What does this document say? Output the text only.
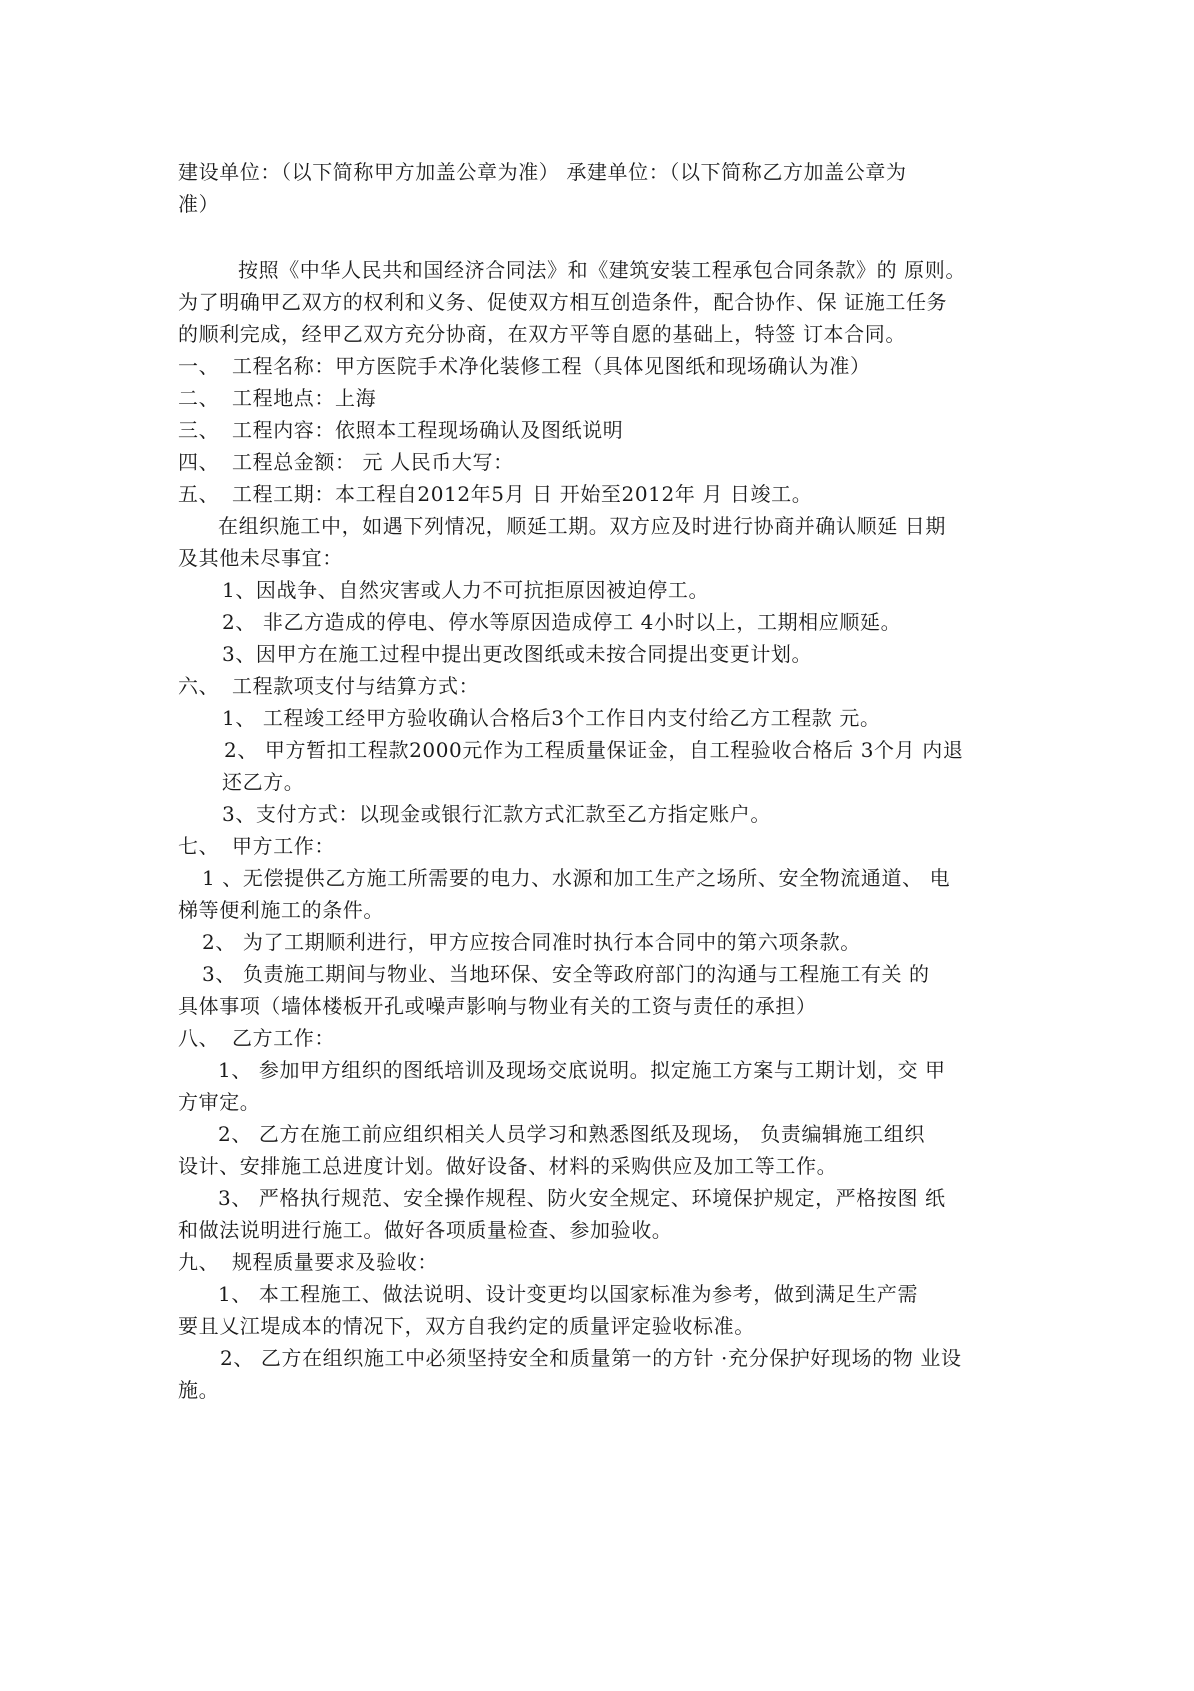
建设单位：（以下简称甲方加盖公章为准） 承建单位：（以下简称乙方加盖公章为
准）
按照《中华人民共和国经济合同法》和《建筑安装工程承包合同条款》的 原则。
为了明确甲乙双方的权利和义务、促使双方相互创造条件，配合协作、保 证施工任务
的顺利完成，经甲乙双方充分协商，在双方平等自愿的基础上，特签 订本合同。
一、 工程名称：甲方医院手术净化装修工程（具体见图纸和现场确认为准）
二、 工程地点：上海
三、 工程内容：依照本工程现场确认及图纸说明
四、 工程总金额： 元 人民币大写：
五、 工程工期：本工程自2012年5月 日 开始至2012年 月 日竣工。
在组织施工中，如遇下列情况，顺延工期。双方应及时进行协商并确认顺延 日期
及其他未尽事宜：
1、因战争、自然灾害或人力不可抗拒原因被迫停工。
2、 非乙方造成的停电、停水等原因造成停工 4小时以上，工期相应顺延。
3、因甲方在施工过程中提出更改图纸或未按合同提出变更计划。
六、 工程款项支付与结算方式：
1、 工程竣工经甲方验收确认合格后3个工作日内支付给乙方工程款 元。
2、 甲方暂扣工程款2000元作为工程质量保证金，自工程验收合格后 3个月 内退
还乙方。
3、支付方式：以现金或银行汇款方式汇款至乙方指定账户。
七、 甲方工作：
1 、无偿提供乙方施工所需要的电力、水源和加工生产之场所、安全物流通道、 电
梯等便利施工的条件。
2、 为了工期顺利进行，甲方应按合同准时执行本合同中的第六项条款。
3、 负责施工期间与物业、当地环保、安全等政府部门的沟通与工程施工有关 的
具体事项（墙体楼板开孔或噪声影响与物业有关的工资与责任的承担）
八、 乙方工作：
1、 参加甲方组织的图纸培训及现场交底说明。拟定施工方案与工期计划，交 甲
方审定。
2、 乙方在施工前应组织相关人员学习和熟悉图纸及现场， 负责编辑施工组织
设计、安排施工总进度计划。做好设备、材料的采购供应及加工等工作。
3、 严格执行规范、安全操作规程、防火安全规定、环境保护规定，严格按图 纸
和做法说明进行施工。做好各项质量检查、参加验收。
九、 规程质量要求及验收：
1、 本工程施工、做法说明、设计变更均以国家标准为参考，做到满足生产需
要且乂江堤成本的情况下，双方自我约定的质量评定验收标准。
2、 乙方在组织施工中必须坚持安全和质量第一的方针 ·充分保护好现场的物 业设
施。
